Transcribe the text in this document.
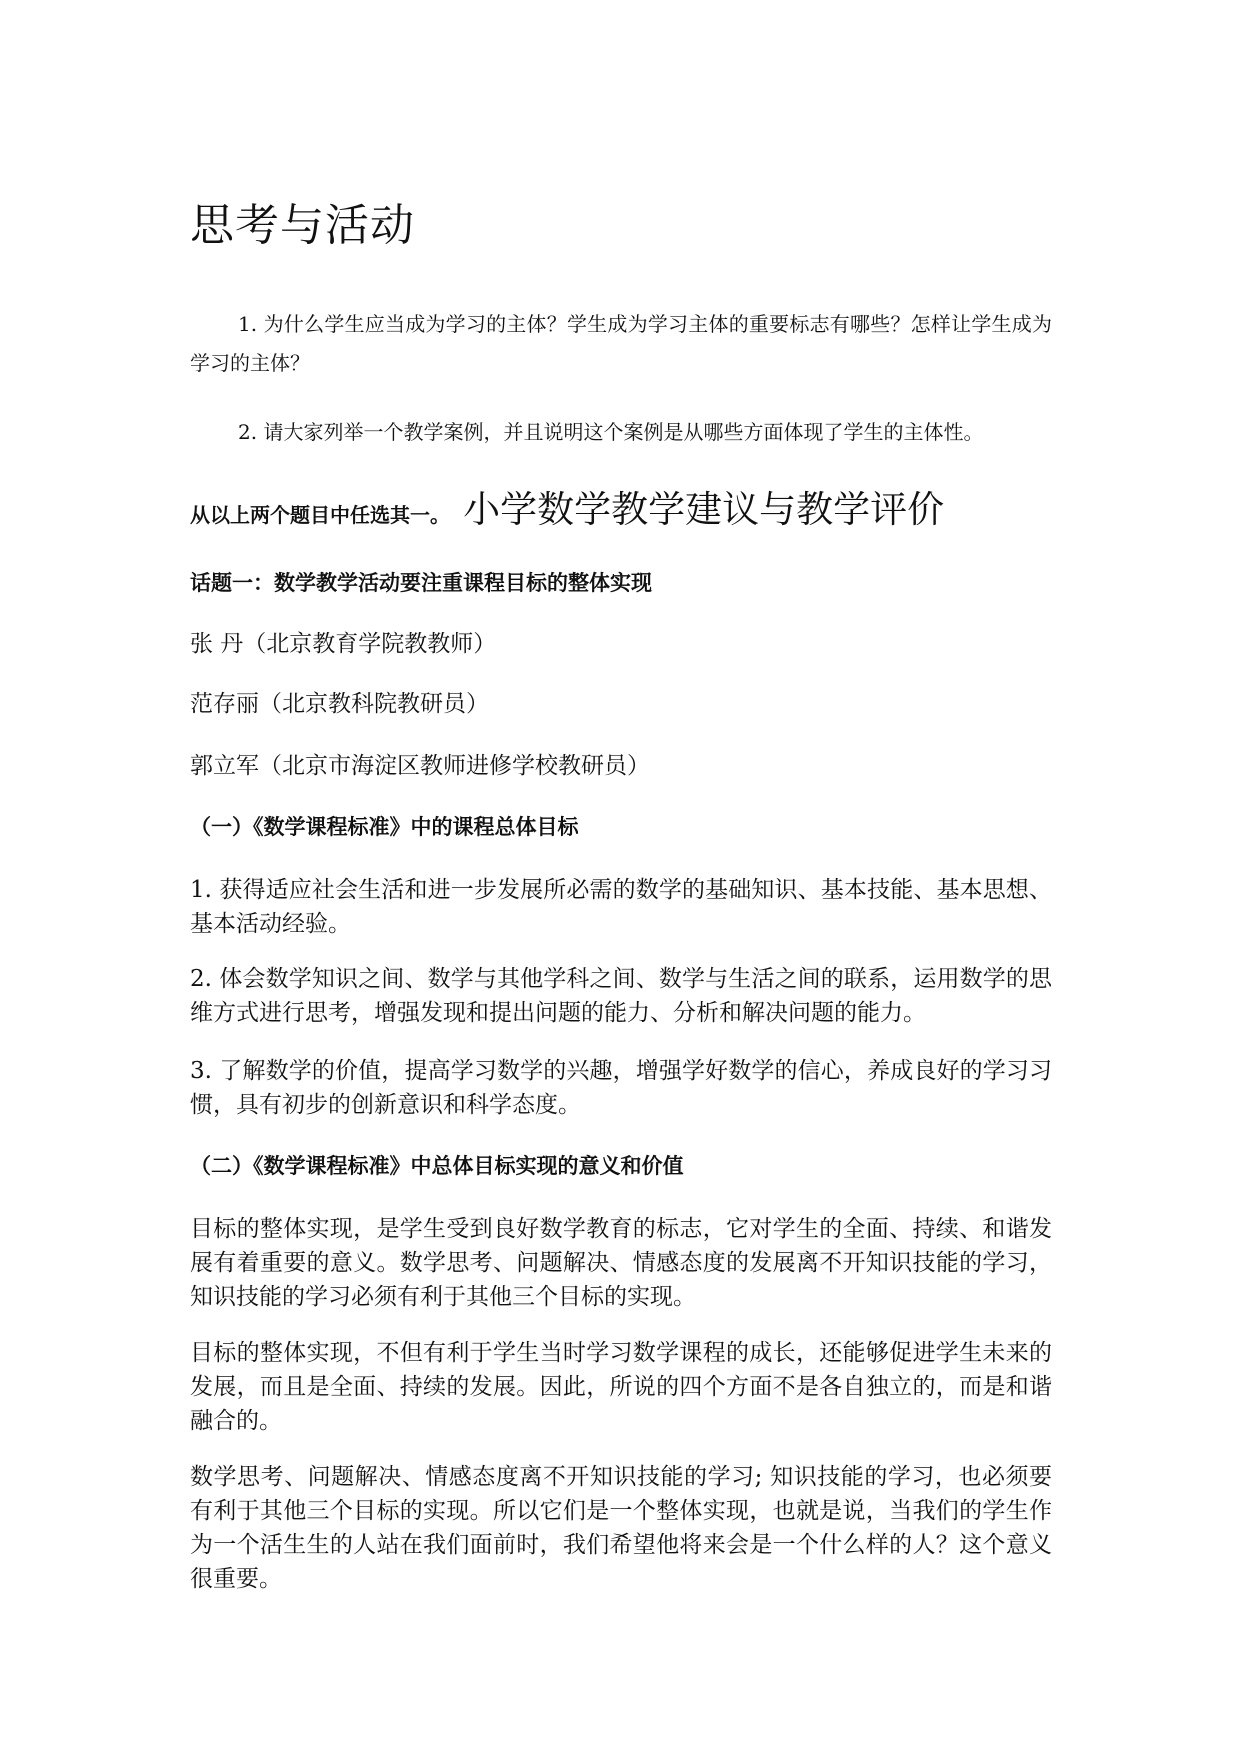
思考与活动

1. 为什么学生应当成为学习的主体？学生成为学习主体的重要标志有哪些？怎样让学生成为学习的主体？

2. 请大家列举一个教学案例，并且说明这个案例是从哪些方面体现了学生的主体性。

从以上两个题目中任选其一。 小学数学教学建议与教学评价
话题一：数学教学活动要注重课程目标的整体实现
张 丹（北京教育学院教教师）
范存丽（北京教科院教研员）
郭立军（北京市海淀区教师进修学校教研员）
（一）《数学课程标准》中的课程总体目标

1. 获得适应社会生活和进一步发展所必需的数学的基础知识、基本技能、基本思想、基本活动经验。

2. 体会数学知识之间、数学与其他学科之间、数学与生活之间的联系，运用数学的思维方式进行思考，增强发现和提出问题的能力、分析和解决问题的能力。

3. 了解数学的价值，提高学习数学的兴趣，增强学好数学的信心，养成良好的学习习惯，具有初步的创新意识和科学态度。

（二）《数学课程标准》中总体目标实现的意义和价值

目标的整体实现，是学生受到良好数学教育的标志，它对学生的全面、持续、和谐发展有着重要的意义。数学思考、问题解决、情感态度的发展离不开知识技能的学习，知识技能的学习必须有利于其他三个目标的实现。

目标的整体实现，不但有利于学生当时学习数学课程的成长，还能够促进学生未来的发展，而且是全面、持续的发展。因此，所说的四个方面不是各自独立的，而是和谐融合的。

数学思考、问题解决、情感态度离不开知识技能的学习; 知识技能的学习，也必须要有利于其他三个目标的实现。所以它们是一个整体实现，也就是说，当我们的学生作为一个活生生的人站在我们面前时，我们希望他将来会是一个什么样的人？这个意义很重要。
